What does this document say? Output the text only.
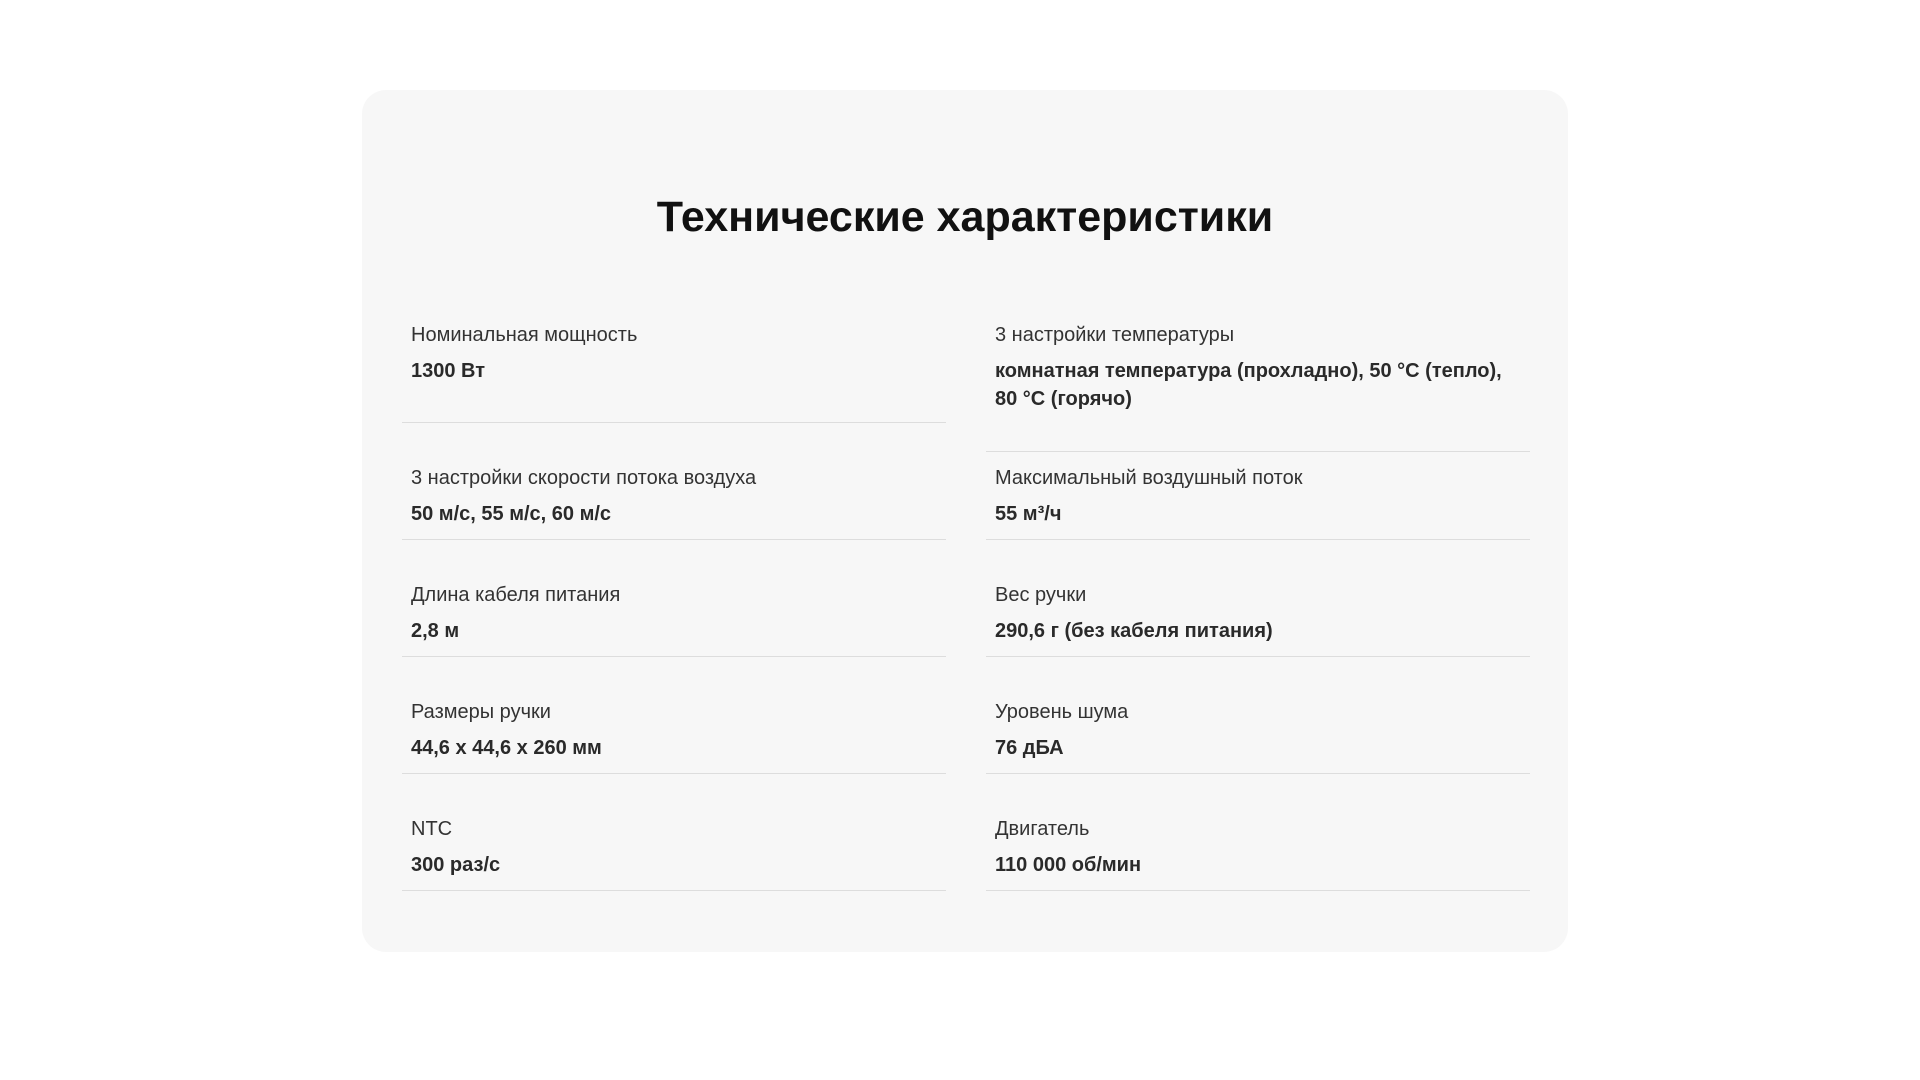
Технические характеристики
Номинальная мощность
1300 Вт
3 настройки скорости потока воздуха
50 м/с, 55 м/с, 60 м/с
Длина кабеля питания
2,8 м
Размеры ручки
44,6 x 44,6 x 260 мм
NTC
300 раз/с
3 настройки температуры
комнатная температура (прохладно), 50 °C (тепло), 80 °C (горячо)
Максимальный воздушный поток
55 м³/ч
Вес ручки
290,6 г (без кабеля питания)
Уровень шума
76 дБА
Двигатель
110 000 об/мин
